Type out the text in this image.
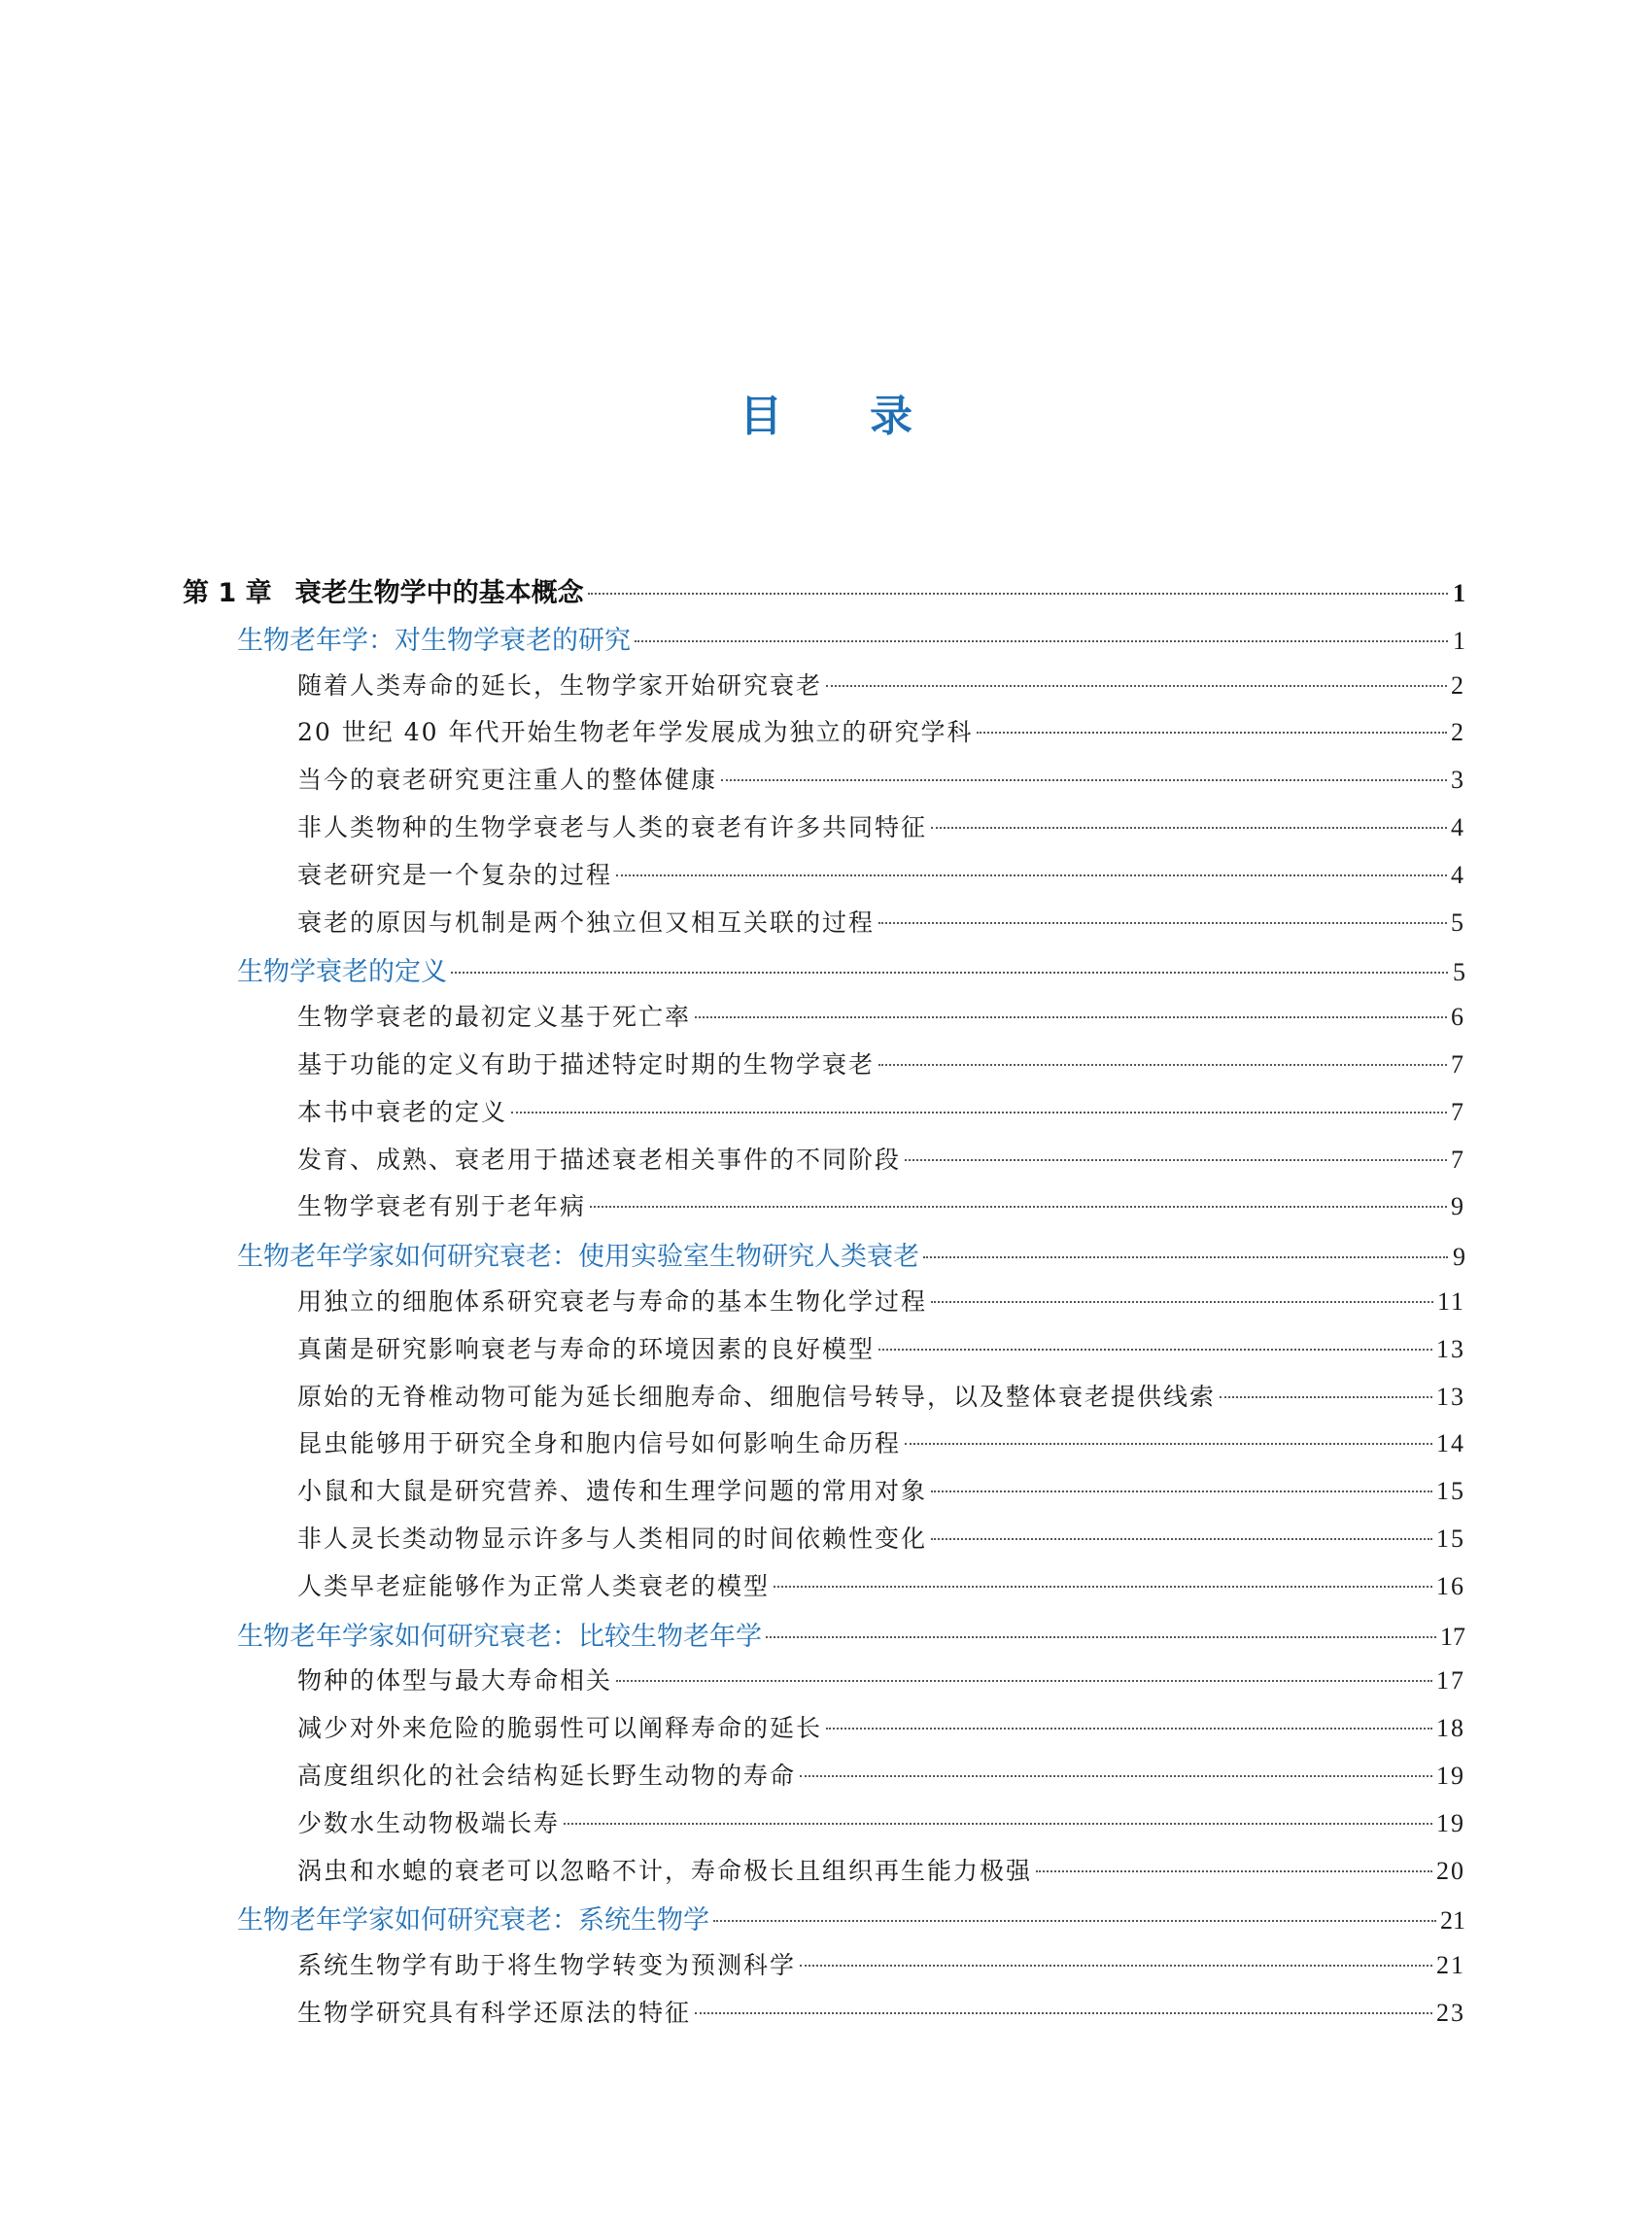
目录
第 1 章 衰老生物学中的基本概念	1
生物老年学：对生物学衰老的研究	1
随着人类寿命的延长，生物学家开始研究衰老	2
20 世纪 40 年代开始生物老年学发展成为独立的研究学科	2
当今的衰老研究更注重人的整体健康	3
非人类物种的生物学衰老与人类的衰老有许多共同特征	4
衰老研究是一个复杂的过程	4
衰老的原因与机制是两个独立但又相互关联的过程	5
生物学衰老的定义	5
生物学衰老的最初定义基于死亡率	6
基于功能的定义有助于描述特定时期的生物学衰老	7
本书中衰老的定义	7
发育、成熟、衰老用于描述衰老相关事件的不同阶段	7
生物学衰老有别于老年病	9
生物老年学家如何研究衰老：使用实验室生物研究人类衰老	9
用独立的细胞体系研究衰老与寿命的基本生物化学过程	11
真菌是研究影响衰老与寿命的环境因素的良好模型	13
原始的无脊椎动物可能为延长细胞寿命、细胞信号转导，以及整体衰老提供线索	13
昆虫能够用于研究全身和胞内信号如何影响生命历程	14
小鼠和大鼠是研究营养、遗传和生理学问题的常用对象	15
非人灵长类动物显示许多与人类相同的时间依赖性变化	15
人类早老症能够作为正常人类衰老的模型	16
生物老年学家如何研究衰老：比较生物老年学	17
物种的体型与最大寿命相关	17
减少对外来危险的脆弱性可以阐释寿命的延长	18
高度组织化的社会结构延长野生动物的寿命	19
少数水生动物极端长寿	19
涡虫和水螅的衰老可以忽略不计，寿命极长且组织再生能力极强	20
生物老年学家如何研究衰老：系统生物学	21
系统生物学有助于将生物学转变为预测科学	21
生物学研究具有科学还原法的特征	23
